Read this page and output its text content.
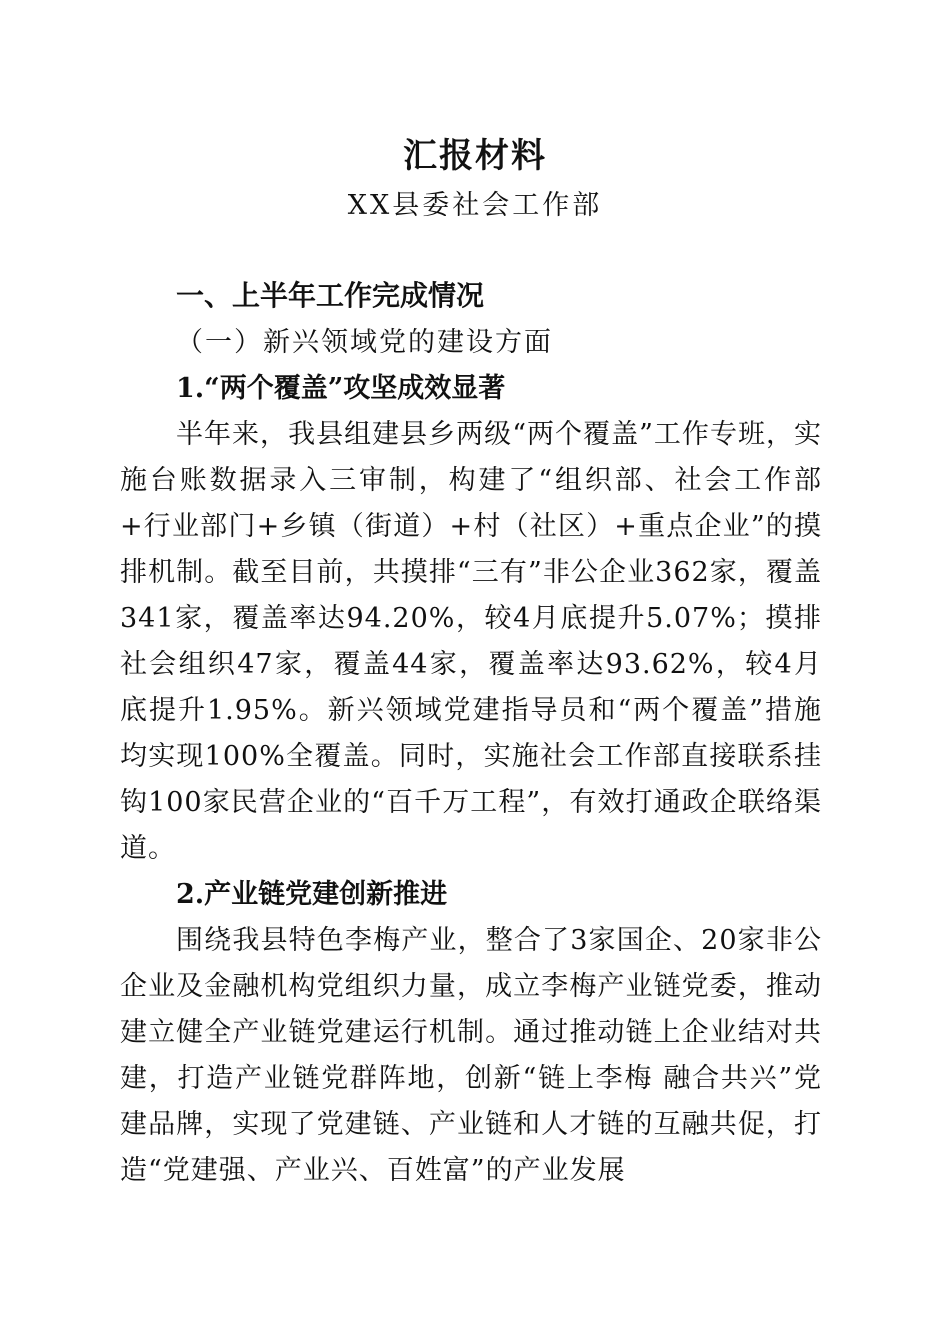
汇报材料
XX县委社会工作部
一、上半年工作完成情况
（一）新兴领域党的建设方面
1.“两个覆盖”攻坚成效显著

半年来，我县组建县乡两级“两个覆盖”工作专班，实施台账数据录入三审制，构建了“组织部、社会工作部+行业部门+乡镇（街道）+村（社区）+重点企业”的摸排机制。截至目前，共摸排“三有”非公企业362家，覆盖341家，覆盖率达94.20%，较4月底提升5.07%；摸排社会组织47家，覆盖44家，覆盖率达93.62%，较4月底提升1.95%。新兴领域党建指导员和“两个覆盖”措施均实现100%全覆盖。同时，实施社会工作部直接联系挂钩100家民营企业的“百千万工程”，有效打通政企联络渠道。

2.产业链党建创新推进

围绕我县特色李梅产业，整合了3家国企、20家非公企业及金融机构党组织力量，成立李梅产业链党委，推动建立健全产业链党建运行机制。通过推动链上企业结对共建，打造产业链党群阵地，创新“链上李梅 融合共兴”党建品牌，实现了党建链、产业链和人才链的互融共促，打造“党建强、产业兴、百姓富”的产业发展
